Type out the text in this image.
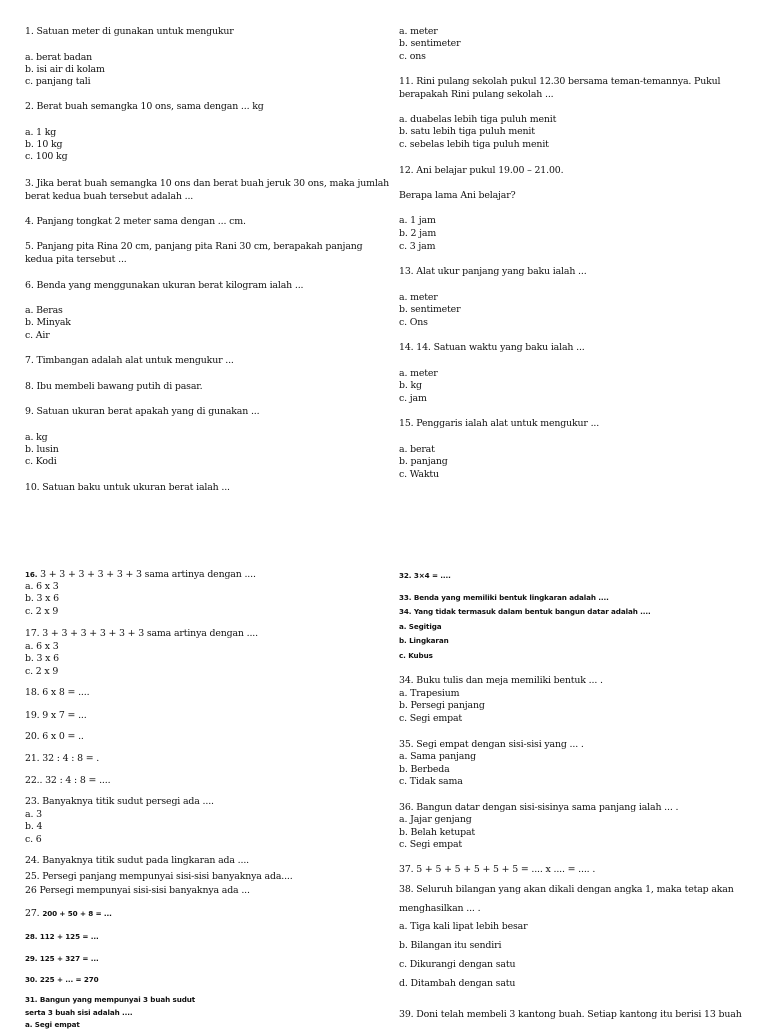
1. Satuan meter di gunakan untuk mengukur
a. berat badan
b. isi air di kolam
c. panjang tali
2. Berat buah semangka 10 ons, sama dengan ... kg
a. 1 kg
b. 10 kg
c. 100 kg
3. Jika berat buah semangka 10 ons dan berat buah jeruk 30 ons, maka jumlah
berat kedua buah tersebut adalah ...
4. Panjang tongkat 2 meter sama dengan ... cm.
5. Panjang pita Rina 20 cm, panjang pita Rani 30 cm, berapakah panjang
kedua pita tersebut ...
6. Benda yang menggunakan ukuran berat kilogram ialah ...
a. Beras
b. Minyak
c. Air
7. Timbangan adalah alat untuk mengukur ...
8. Ibu membeli bawang putih di pasar.
9. Satuan ukuran berat apakah yang di gunakan ...
a. kg
b. lusin
c. Kodi
10. Satuan baku untuk ukuran berat ialah ...
a. meter
b. sentimeter
c. ons
11. Rini pulang sekolah pukul 12.30 bersama teman-temannya. Pukul
berapakah Rini pulang sekolah ...
a. duabelas lebih tiga puluh menit
b. satu lebih tiga puluh menit
c. sebelas lebih tiga puluh menit
12. Ani belajar pukul 19.00 – 21.00.
Berapa lama Ani belajar?
a. 1 jam
b. 2 jam
c. 3 jam
13. Alat ukur panjang yang baku ialah ...
a. meter
b. sentimeter
c. Ons
14. 14. Satuan waktu yang baku ialah ...
a. meter
b. kg
c. jam
15. Penggaris ialah alat untuk mengukur ...
a. berat
b. panjang
c. Waktu
16. 3 + 3 + 3 + 3 + 3 + 3 sama artinya dengan ....
a. 6 x 3
b. 3 x 6
c. 2 x 9
17. 3 + 3 + 3 + 3 + 3 + 3 sama artinya dengan ....
a. 6 x 3
b. 3 x 6
c. 2 x 9
18. 6 x 8 = ....
19. 9 x 7 = ...
20. 6 x 0 = ..
21. 32 : 4 : 8 = .
22.. 32 : 4 : 8 = ....
23. Banyaknya titik sudut persegi ada ....
a. 3
b. 4
c. 6
24. Banyaknya titik sudut pada lingkaran ada ....
25. Persegi panjang mempunyai sisi-sisi banyaknya ada....
26 Persegi mempunyai sisi-sisi banyaknya ada ...
27. 200 + 50 + 8 = ...
28. 112 + 125 = ...
29. 125 + 327 = ...
30. 225 + ... = 270
31. Bangun yang mempunyai 3 buah sudut
serta 3 buah sisi adalah ....
a. Segi empat
32. 3×4 = ....
33. Benda yang memiliki bentuk lingkaran adalah ....
34. Yang tidak termasuk dalam bentuk bangun datar adalah ....
a. Segitiga
b. Lingkaran
c. Kubus
34. Buku tulis dan meja memiliki bentuk ... .
a. Trapesium
b. Persegi panjang
c. Segi empat
35. Segi empat dengan sisi-sisi yang ... .
a. Sama panjang
b. Berbeda
c. Tidak sama
36. Bangun datar dengan sisi-sisinya sama panjang ialah ... .
a. Jajar genjang
b. Belah ketupat
c. Segi empat
37. 5 + 5 + 5 + 5 + 5 + 5 = .... x .... = .... .
38. Seluruh bilangan yang akan dikali dengan angka 1, maka tetap akan
menghasilkan ... .
a. Tiga kali lipat lebih besar
b. Bilangan itu sendiri
c. Dikurangi dengan satu
d. Ditambah dengan satu
39. Doni telah membeli 3 kantong buah. Setiap kantong itu berisi 13 buah
